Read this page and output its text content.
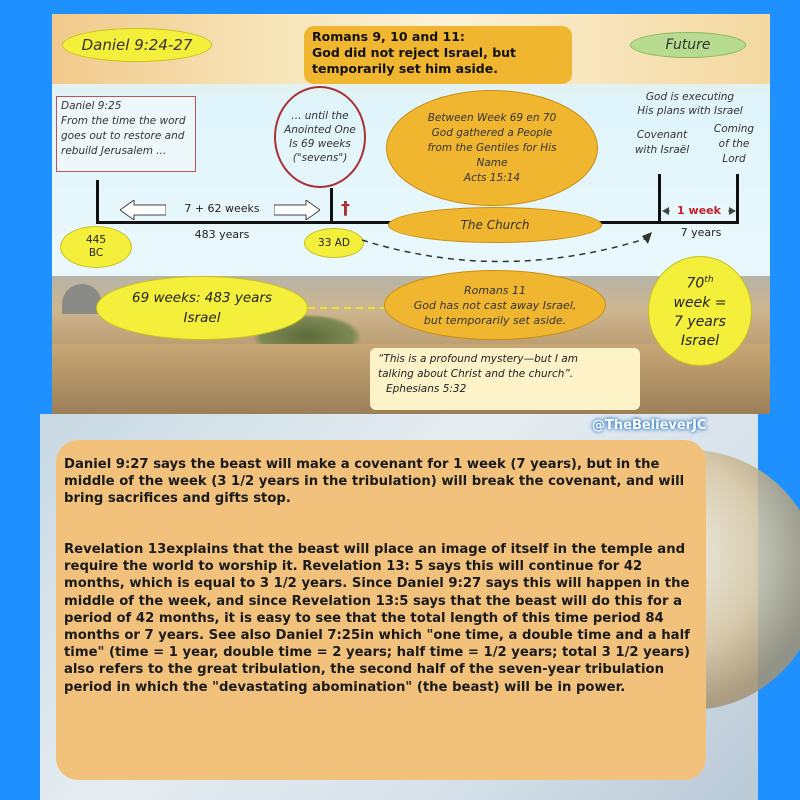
Daniel 9:24-27	Romans 9, 10 and 11:
God did not reject Israel, but
temporarily set him aside.
Future
Daniel 9:25
From the time the word
goes out to restore and
rebuild Jerusalem ...
... until the
Anointed One
Is 69 weeks
("sevens")
Between Week 69 en 70
God gathered a People
from the Gentiles for His
Name
Acts 15:14
God is executing
His plans with Israel
Covenant
with Israël
Coming
of the
Lord
7 + 62 weeks
483 years
†
445
BC
33 AD
The Church
1 week
7 years
69 weeks: 483 years
Israel
Romans 11
God has not cast away Israel,
but temporarily set aside.
70th
week =
7 years
Israel
“This is a profound mystery—but I am
talking about Christ and the church”.
Ephesians 5:32
@TheBelieverJC
Daniel 9:27 says the beast will make a covenant for 1 week (7 years), but in the middle of the week (3 1/2 years in the tribulation) will break the covenant, and will bring sacrifices and gifts stop.
Revelation 13explains that the beast will place an image of itself in the temple and require the world to worship it. Revelation 13: 5 says this will continue for 42 months, which is equal to 3 1/2 years. Since Daniel 9:27 says this will happen in the middle of the week, and since Revelation 13:5 says that the beast will do this for a period of 42 months, it is easy to see that the total length of this time period 84 months or 7 years. See also Daniel 7:25in which "one time, a double time and a half time" (time = 1 year, double time = 2 years; half time = 1/2 years; total 3 1/2 years) also refers to the great tribulation, the second half of the seven-year tribulation period in which the "devastating abomination" (the beast) will be in power.
